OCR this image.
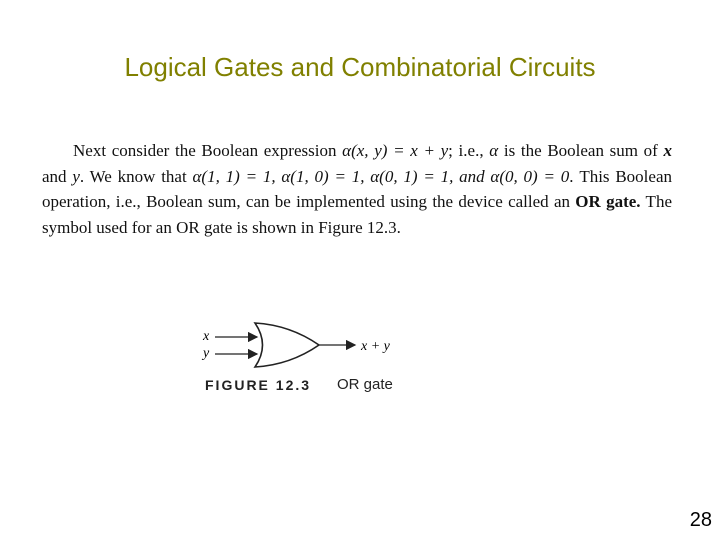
Logical Gates and Combinatorial Circuits

Next consider the Boolean expression α(x, y) = x + y; i.e., α is the Boolean sum of x and y. We know that α(1, 1) = 1, α(1, 0) = 1, α(0, 1) = 1, and α(0, 0) = 0. This Boolean operation, i.e., Boolean sum, can be implemented using the device called an OR gate. The symbol used for an OR gate is shown in Figure 12.3.

x
y	x + y
FIGURE 12.3 OR gate
28
